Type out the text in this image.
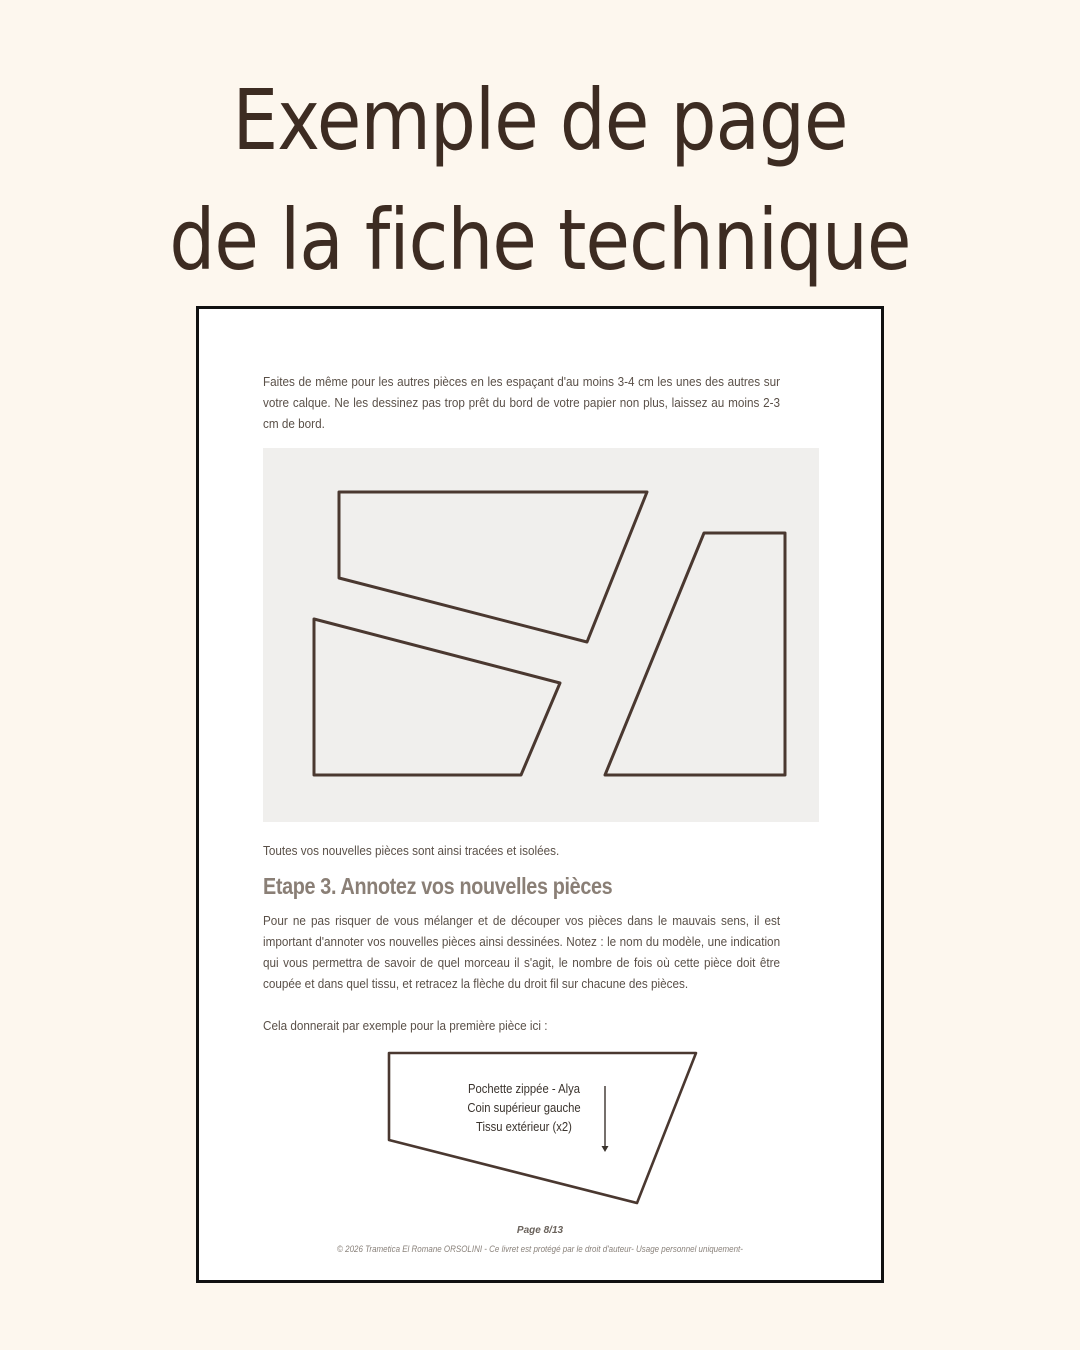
Exemple de page
de la fiche technique
Faites de même pour les autres pièces en les espaçant d'au moins 3-4 cm les unes des autres sur votre calque. Ne les dessinez pas trop prêt du bord de votre papier non plus, laissez au moins 2-3 cm de bord.
Toutes vos nouvelles pièces sont ainsi tracées et isolées.
Etape 3. Annotez vos nouvelles pièces
Pour ne pas risquer de vous mélanger et de découper vos pièces dans le mauvais sens, il est important d'annoter vos nouvelles pièces ainsi dessinées. Notez : le nom du modèle, une indication qui vous permettra de savoir de quel morceau il s'agit, le nombre de fois où cette pièce doit être coupée et dans quel tissu, et retracez la flèche du droit fil sur chacune des pièces.
Cela donnerait par exemple pour la première pièce ici :
Pochette zippée - Alya
Coin supérieur gauche
Tissu extérieur (x2)
Page 8/13
© 2026 Trametica El Romane ORSOLINI - Ce livret est protégé par le droit d'auteur- Usage personnel uniquement-
